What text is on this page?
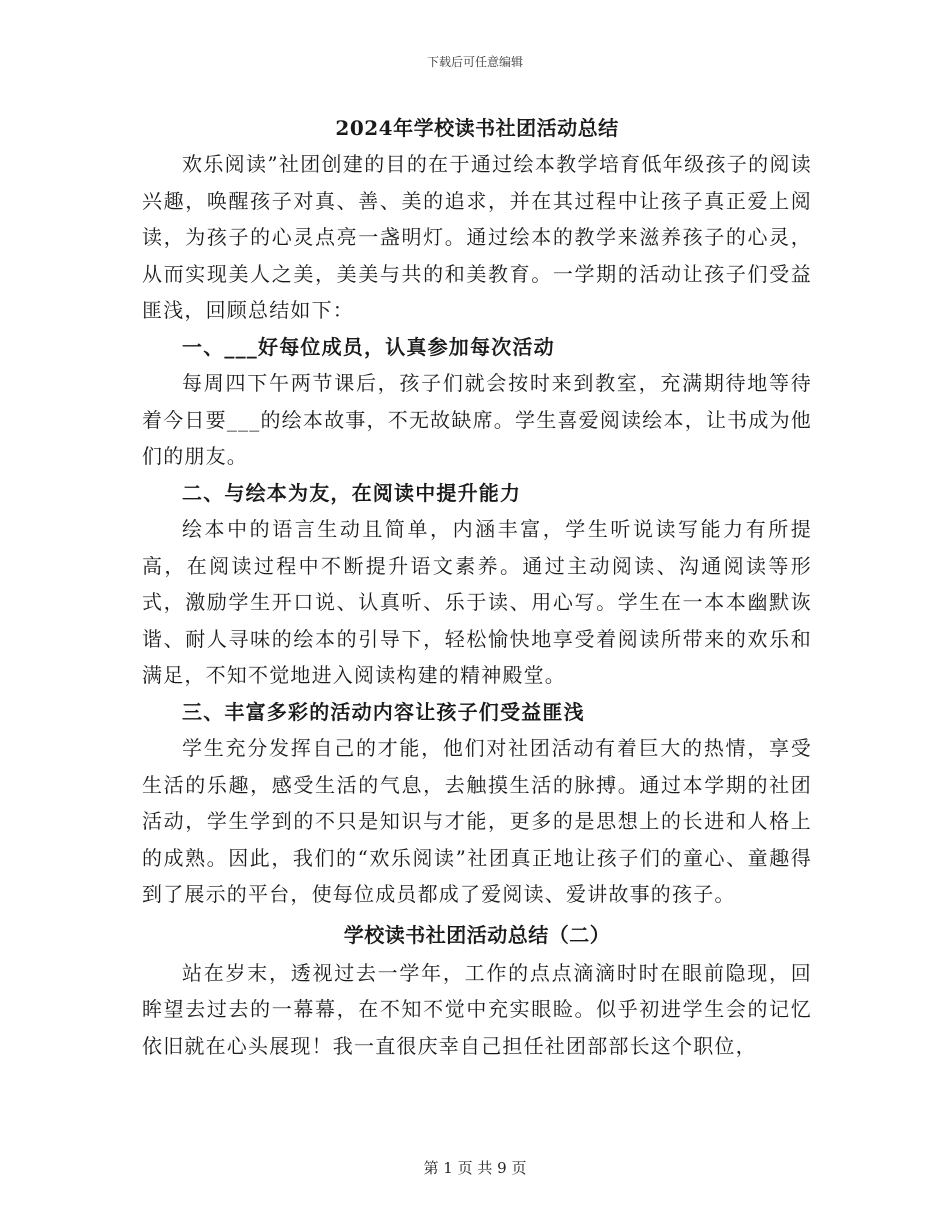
下载后可任意编辑
2024年学校读书社团活动总结

欢乐阅读”社团创建的目的在于通过绘本教学培育低年级孩子的阅读兴趣，唤醒孩子对真、善、美的追求，并在其过程中让孩子真正爱上阅读，为孩子的心灵点亮一盏明灯。通过绘本的教学来滋养孩子的心灵，从而实现美人之美，美美与共的和美教育。一学期的活动让孩子们受益匪浅，回顾总结如下：

一、___好每位成员，认真参加每次活动

每周四下午两节课后，孩子们就会按时来到教室，充满期待地等待着今日要___的绘本故事，不无故缺席。学生喜爱阅读绘本，让书成为他们的朋友。

二、与绘本为友，在阅读中提升能力

绘本中的语言生动且简单，内涵丰富，学生听说读写能力有所提高，在阅读过程中不断提升语文素养。通过主动阅读、沟通阅读等形式，激励学生开口说、认真听、乐于读、用心写。学生在一本本幽默诙谐、耐人寻味的绘本的引导下，轻松愉快地享受着阅读所带来的欢乐和满足，不知不觉地进入阅读构建的精神殿堂。

三、丰富多彩的活动内容让孩子们受益匪浅

学生充分发挥自己的才能，他们对社团活动有着巨大的热情，享受生活的乐趣，感受生活的气息，去触摸生活的脉搏。通过本学期的社团活动，学生学到的不只是知识与才能，更多的是思想上的长进和人格上的成熟。因此，我们的“欢乐阅读”社团真正地让孩子们的童心、童趣得到了展示的平台，使每位成员都成了爱阅读、爱讲故事的孩子。

学校读书社团活动总结（二）

站在岁末，透视过去一学年，工作的点点滴滴时时在眼前隐现，回眸望去过去的一幕幕，在不知不觉中充实眼睑。似乎初进学生会的记忆依旧就在心头展现！我一直很庆幸自己担任社团部部长这个职位，

第 1 页 共 9 页
